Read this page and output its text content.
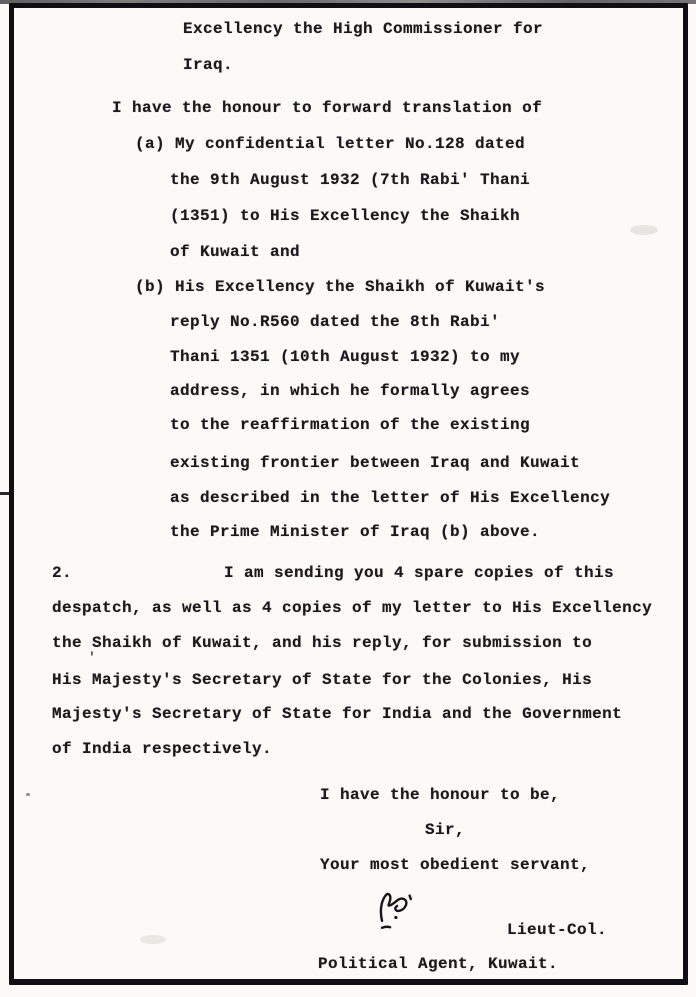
Excellency the High Commissioner for
Iraq.
I have the honour to forward translation of
(a) My confidential letter No.128 dated
the 9th August 1932 (7th Rabi' Thani
(1351) to His Excellency the Shaikh
of Kuwait and
(b) His Excellency the Shaikh of Kuwait's
reply No.R560 dated the 8th Rabi'
Thani 1351 (10th August 1932) to my
address, in which he formally agrees
to the reaffirmation of the existing
existing frontier between Iraq and Kuwait
as described in the letter of His Excellency
the Prime Minister of Iraq (b) above.
2.	I am sending you 4 spare copies of this
despatch, as well as 4 copies of my letter to His Excellency
the Shaikh of Kuwait, and his reply, for submission to
His Majesty's Secretary of State for the Colonies, His
Majesty's Secretary of State for India and the Government
of India respectively.
I have the honour to be,
Sir,
Your most obedient servant,
Lieut-Col.
Political Agent, Kuwait.
'
